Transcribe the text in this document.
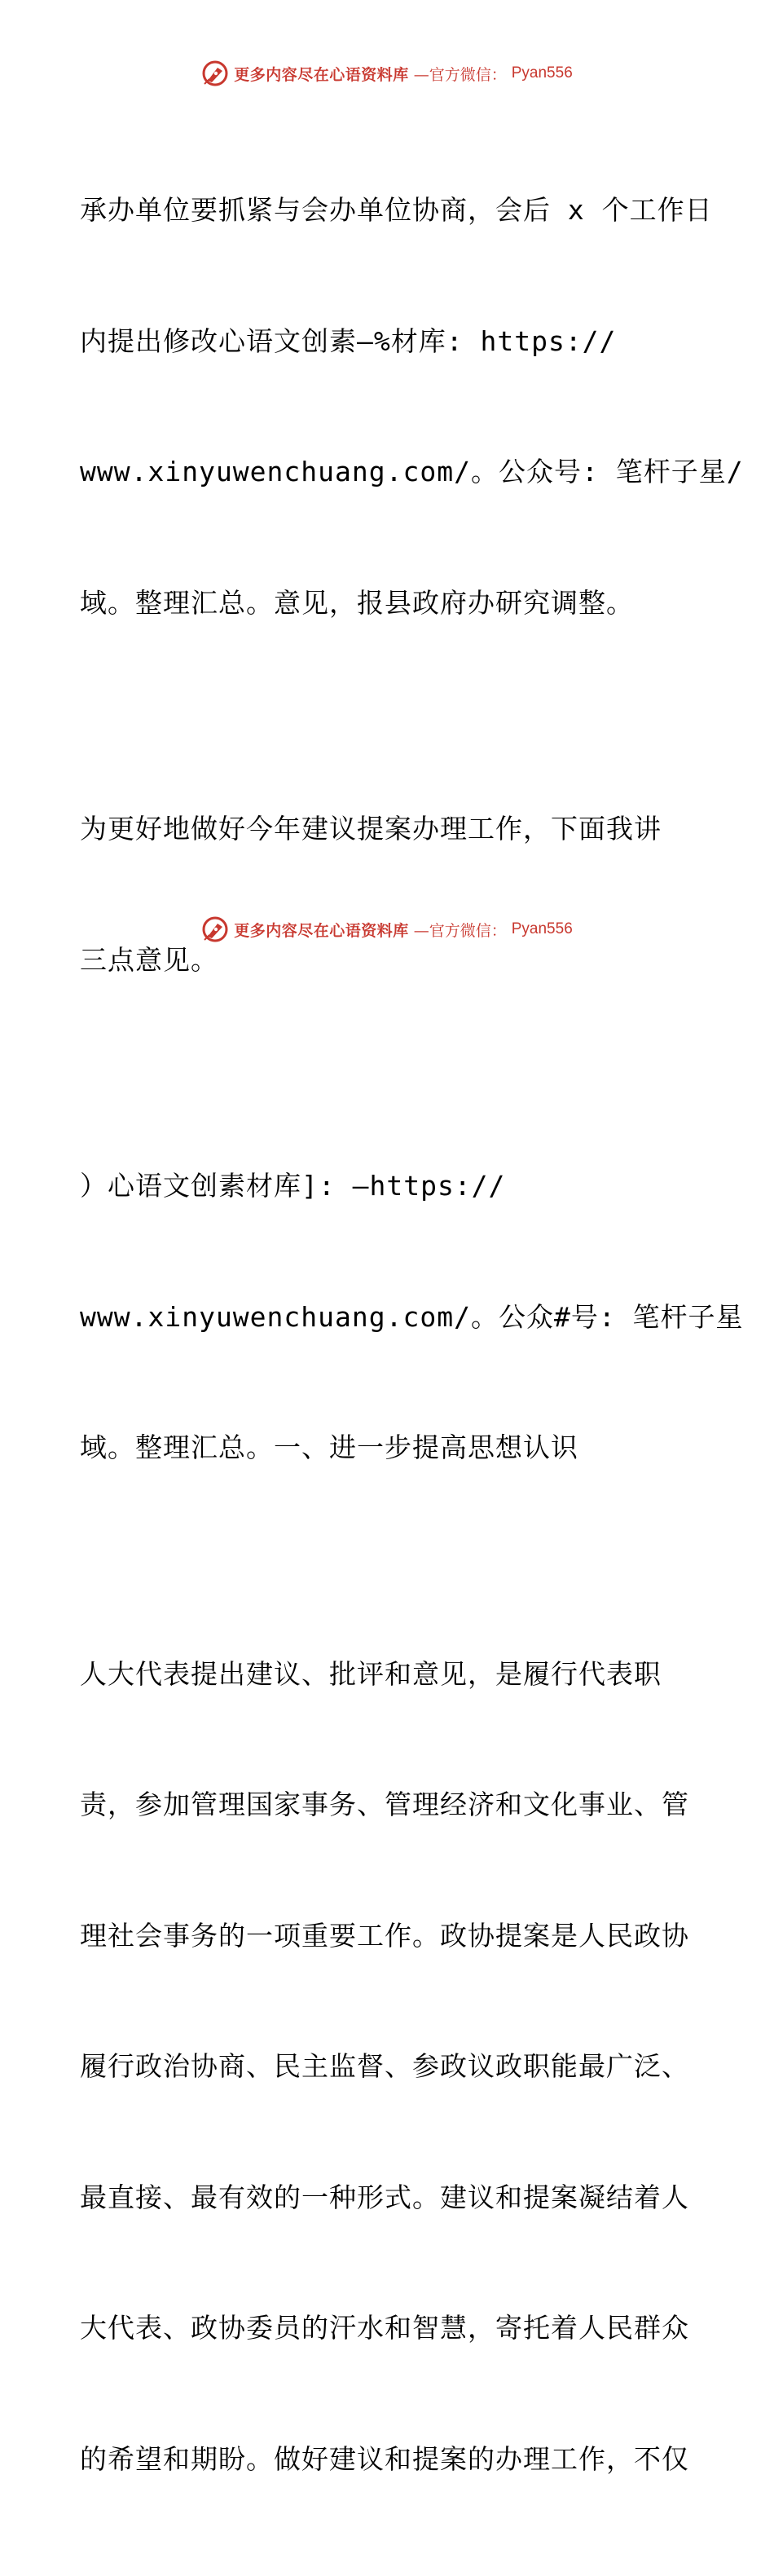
更多内容尽在心语资料库 —官方微信： Pyan556

承办单位要抓紧与会办单位协商，会后 x 个工作日

内提出修改心语文创素—%材库: https://

www.xinyuwenchuang.com/。公众号: 笔杆子星/

域。整理汇总。意见，报县政府办研究调整。

为更好地做好今年建议提案办理工作，下面我讲

三点意见。

）心语文创素材库]: —https://

www.xinyuwenchuang.com/。公众#号: 笔杆子星

域。整理汇总。一、进一步提高思想认识

人大代表提出建议、批评和意见，是履行代表职

责，参加管理国家事务、管理经济和文化事业、管

理社会事务的一项重要工作。政协提案是人民政协

履行政治协商、民主监督、参政议政职能最广泛、

最直接、最有效的一种形式。建议和提案凝结着人

大代表、政协委员的汗水和智慧，寄托着人民群众

的希望和期盼。做好建议和提案的办理工作，不仅

更多内容尽在心语资料库 —官方微信： Pyan556
